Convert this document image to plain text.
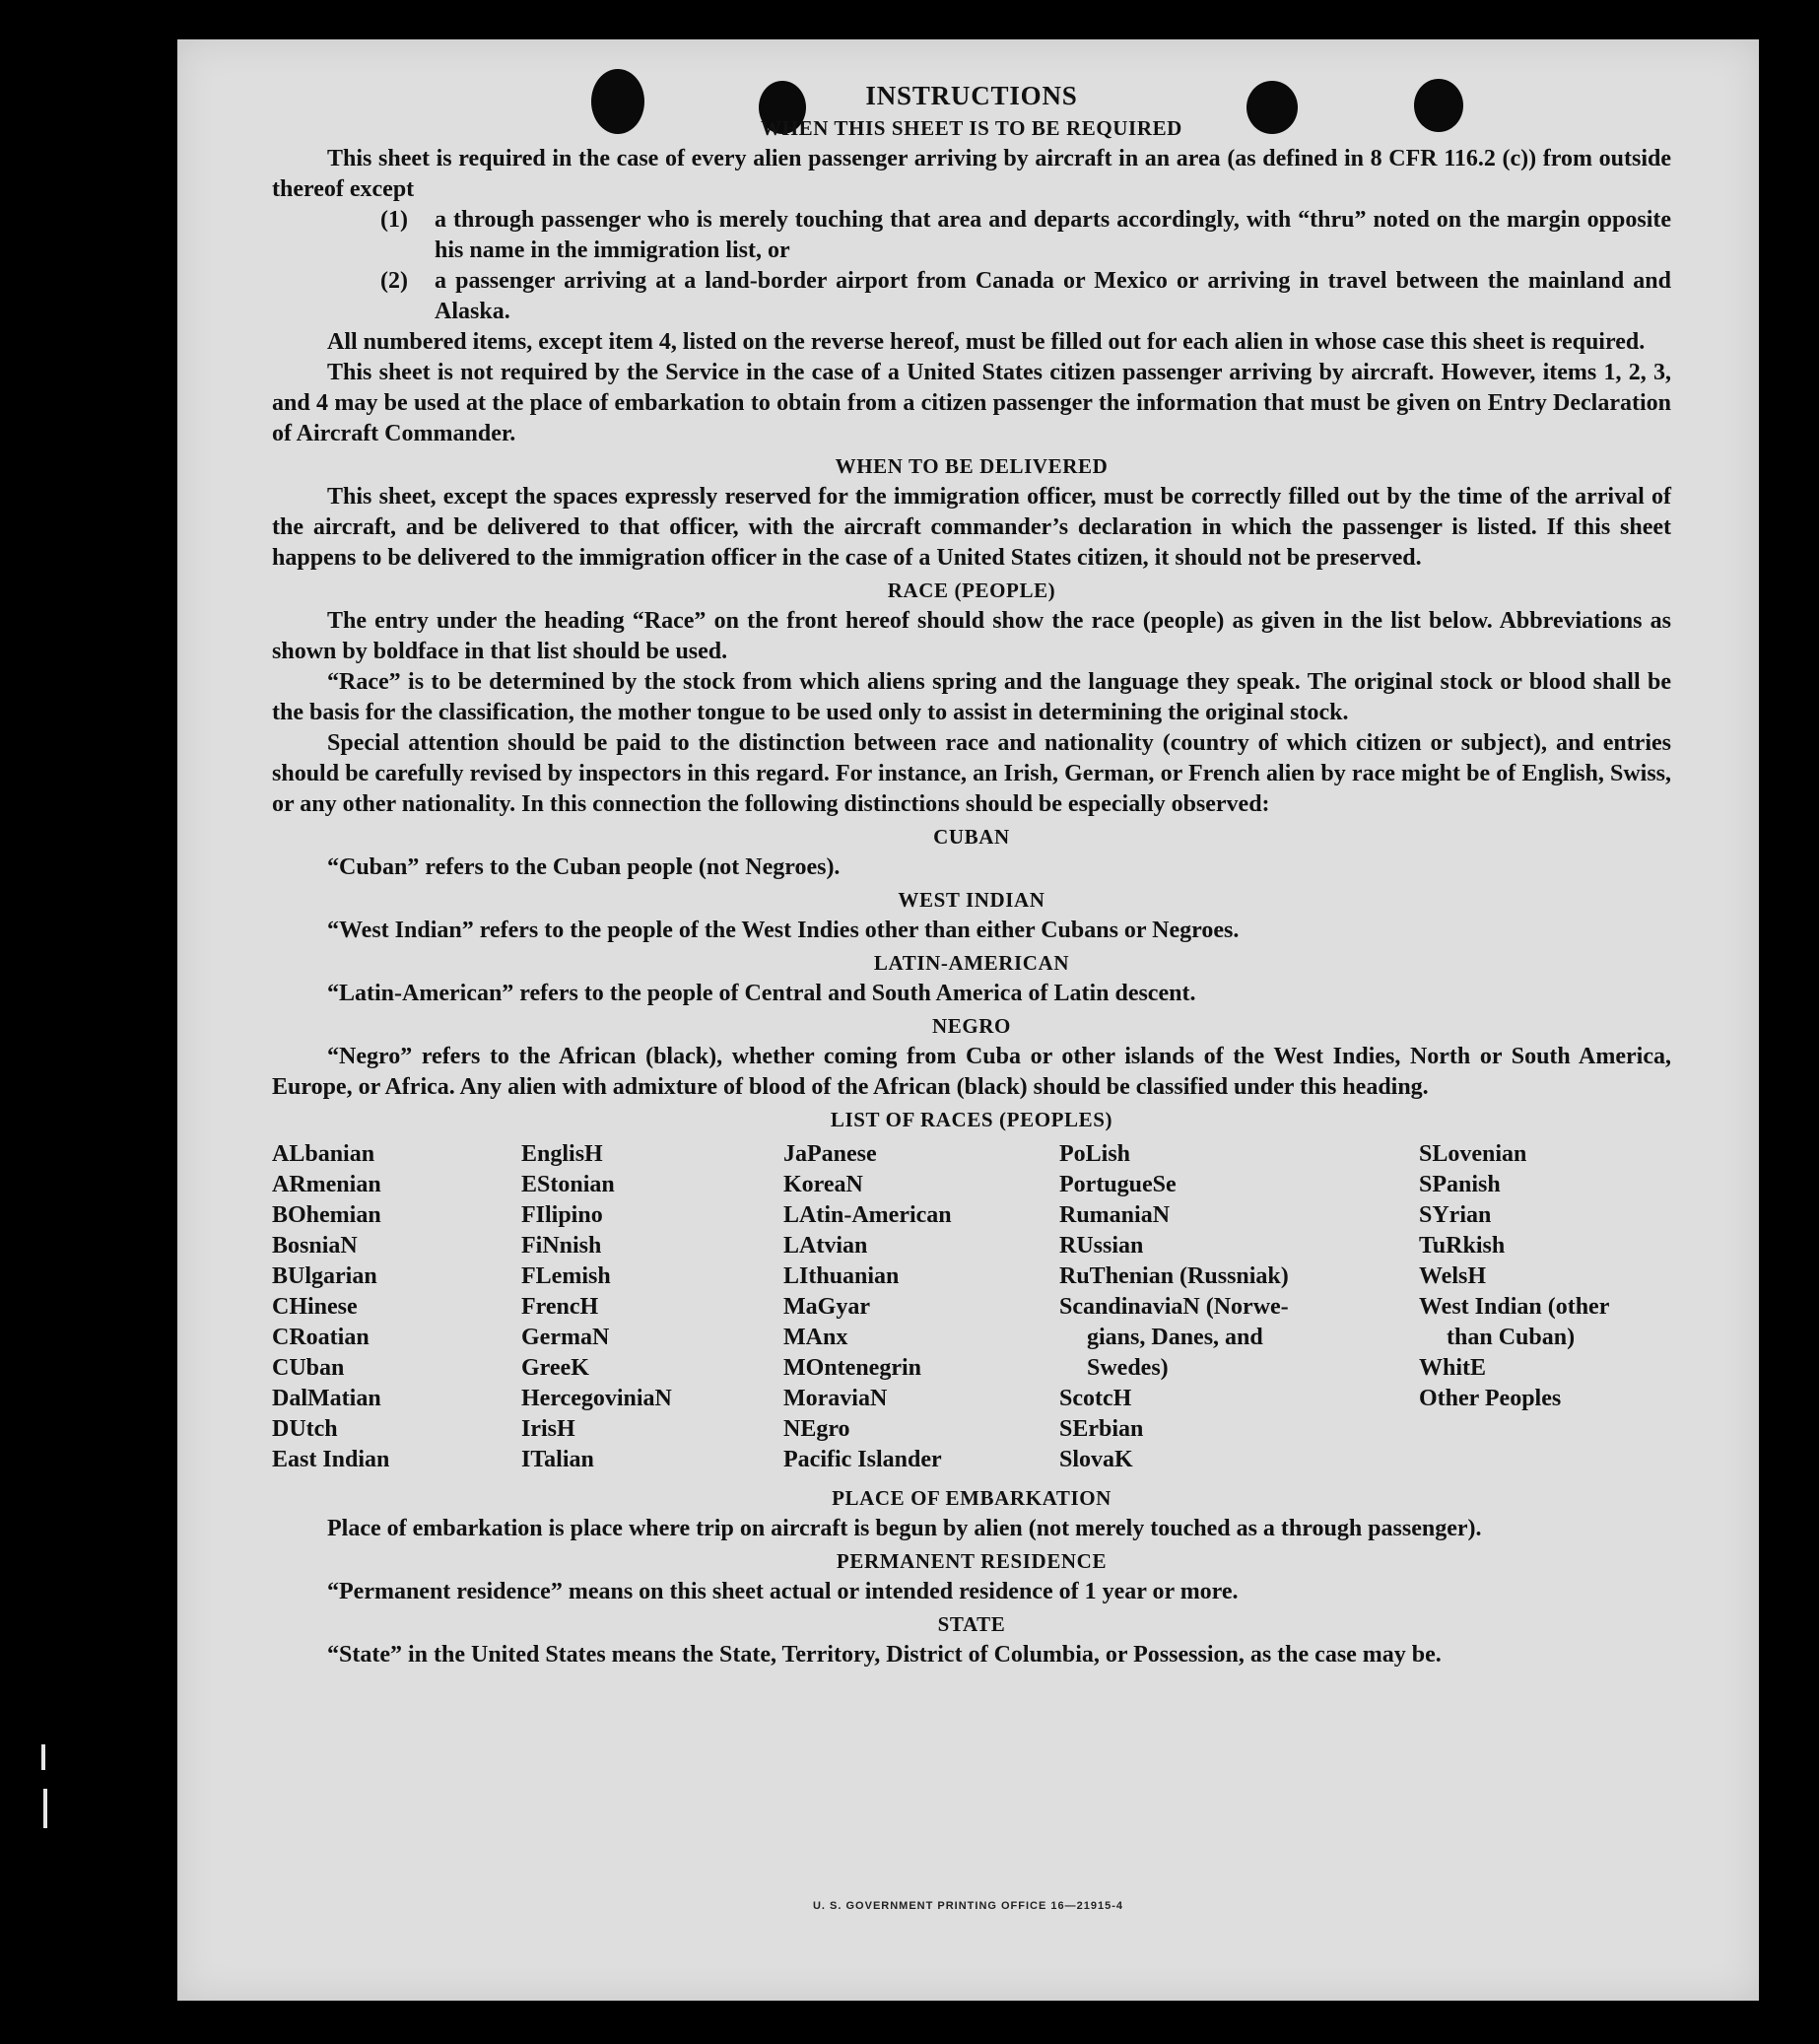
INSTRUCTIONS
WHEN THIS SHEET IS TO BE REQUIRED

This sheet is required in the case of every alien passenger arriving by aircraft in an area (as defined in 8 CFR 116.2 (c)) from outside thereof except

(1)	a through passenger who is merely touching that area and departs accordingly, with “thru” noted on the margin opposite his name in the immigration list, or
(2)	a passenger arriving at a land-border airport from Canada or Mexico or arriving in travel between the mainland and Alaska.

All numbered items, except item 4, listed on the reverse hereof, must be filled out for each alien in whose case this sheet is required.

This sheet is not required by the Service in the case of a United States citizen passenger arriving by aircraft. However, items 1, 2, 3, and 4 may be used at the place of embarkation to obtain from a citizen passenger the information that must be given on Entry Declaration of Aircraft Commander.

WHEN TO BE DELIVERED

This sheet, except the spaces expressly reserved for the immigration officer, must be correctly filled out by the time of the arrival of the aircraft, and be delivered to that officer, with the aircraft commander’s declaration in which the passenger is listed. If this sheet happens to be delivered to the immigration officer in the case of a United States citizen, it should not be preserved.

RACE (PEOPLE)

The entry under the heading “Race” on the front hereof should show the race (people) as given in the list below. Abbreviations as shown by boldface in that list should be used.

“Race” is to be determined by the stock from which aliens spring and the language they speak. The original stock or blood shall be the basis for the classification, the mother tongue to be used only to assist in determining the original stock.

Special attention should be paid to the distinction between race and nationality (country of which citizen or subject), and entries should be carefully revised by inspectors in this regard. For instance, an Irish, German, or French alien by race might be of English, Swiss, or any other nationality. In this connection the following distinctions should be especially observed:

CUBAN

“Cuban” refers to the Cuban people (not Negroes).

WEST INDIAN

“West Indian” refers to the people of the West Indies other than either Cubans or Negroes.

LATIN-AMERICAN

“Latin-American” refers to the people of Central and South America of Latin descent.

NEGRO

“Negro” refers to the African (black), whether coming from Cuba or other islands of the West Indies, North or South America, Europe, or Africa. Any alien with admixture of blood of the African (black) should be classified under this heading.

LIST OF RACES (PEOPLES)
ALbanian
ARmenian
BOhemian
BosniaN
BUlgarian
CHinese
CRoatian
CUban
DalMatian
DUtch
East Indian
EnglisH
EStonian
FIlipino
FiNnish
FLemish
FrencH
GermaN
GreeK
HercegoviniaN
IrisH
ITalian
JaPanese
KoreaN
LAtin-American
LAtvian
LIthuanian
MaGyar
MAnx
MOntenegrin
MoraviaN
NEgro
Pacific Islander
PoLish
PortugueSe
RumaniaN
RUssian
RuThenian (Russniak)
ScandinaviaN (Norwe-
gians, Danes, and
Swedes)
ScotcH
SErbian
SlovaK
SLovenian
SPanish
SYrian
TuRkish
WelsH
West Indian (other
than Cuban)
WhitE
Other Peoples
PLACE OF EMBARKATION

Place of embarkation is place where trip on aircraft is begun by alien (not merely touched as a through passenger).

PERMANENT RESIDENCE

“Permanent residence” means on this sheet actual or intended residence of 1 year or more.

STATE

“State” in the United States means the State, Territory, District of Columbia, or Possession, as the case may be.

U. S. GOVERNMENT PRINTING OFFICE 16—21915-4
